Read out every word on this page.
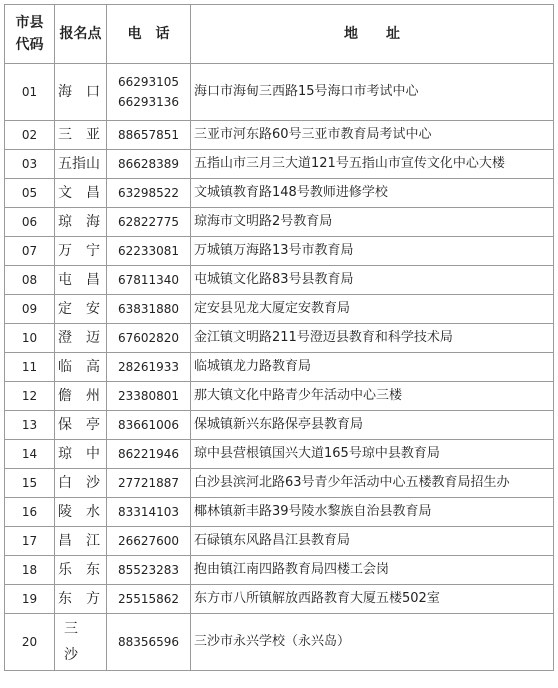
市县代码	报名点	电　话	地　　址
01	海口	66293105 66293136	海口市海甸三西路15号海口市考试中心
02	三亚	88657851	三亚市河东路60号三亚市教育局考试中心
03	五指山	86628389	五指山市三月三大道121号五指山市宣传文化中心大楼
05	文昌	63298522	文城镇教育路148号教师进修学校
06	琼海	62822775	琼海市文明路2号教育局
07	万宁	62233081	万城镇万海路13号市教育局
08	屯昌	67811340	屯城镇文化路83号县教育局
09	定安	63831880	定安县见龙大厦定安教育局
10	澄迈	67602820	金江镇文明路211号澄迈县教育和科学技术局
11	临高	28261933	临城镇龙力路教育局
12	儋州	23380801	那大镇文化中路青少年活动中心三楼
13	保亭	83661006	保城镇新兴东路保亭县教育局
14	琼中	86221946	琼中县营根镇国兴大道165号琼中县教育局
15	白沙	27721887	白沙县滨河北路63号青少年活动中心五楼教育局招生办
16	陵水	83314103	椰林镇新丰路39号陵水黎族自治县教育局
17	昌江	26627600	石碌镇东风路昌江县教育局
18	乐东	85523283	抱由镇江南四路教育局四楼工会岗
19	东方	25515862	东方市八所镇解放西路教育大厦五楼502室
20	三沙	88356596	三沙市永兴学校（永兴岛）
